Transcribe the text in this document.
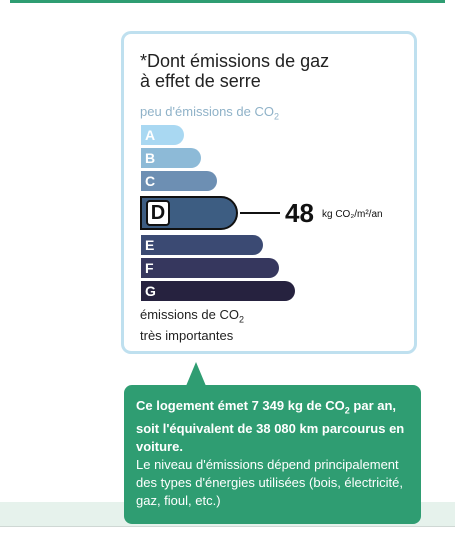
*Dont émissions de gaz
à effet de serre
peu d'émissions de $CO_2$
A
B
C
D	48 kg CO₂/m²/an
E
F
G
émissions de $CO_2$
très importantes
Ce logement émet 7 349 kg de $CO_2$ par an, soit l'équivalent de 38 080 km parcourus en voiture.
Le niveau d'émissions dépend principalement des types d'énergies utilisées (bois, électricité, gaz, fioul, etc.)
